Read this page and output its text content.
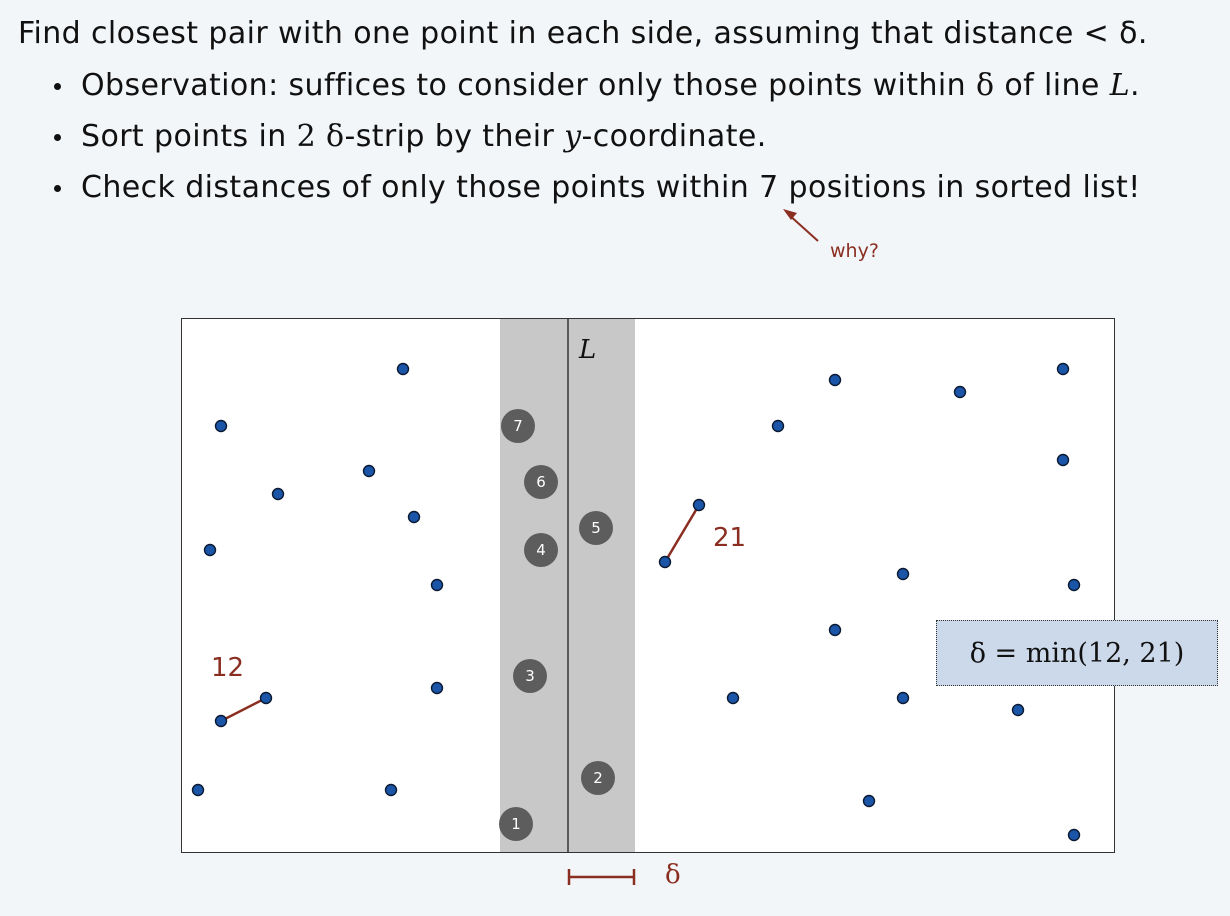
Find closest pair with one point in each side, assuming that distance < δ.
Observation: suffices to consider only those points within δ of line L.
Sort points in 2 δ-strip by their y-coordinate.
Check distances of only those points within 7 positions in sorted list!
L
12
21
1
2
3
4
5
6
7
δ
why?
δ = min(12, 21)
